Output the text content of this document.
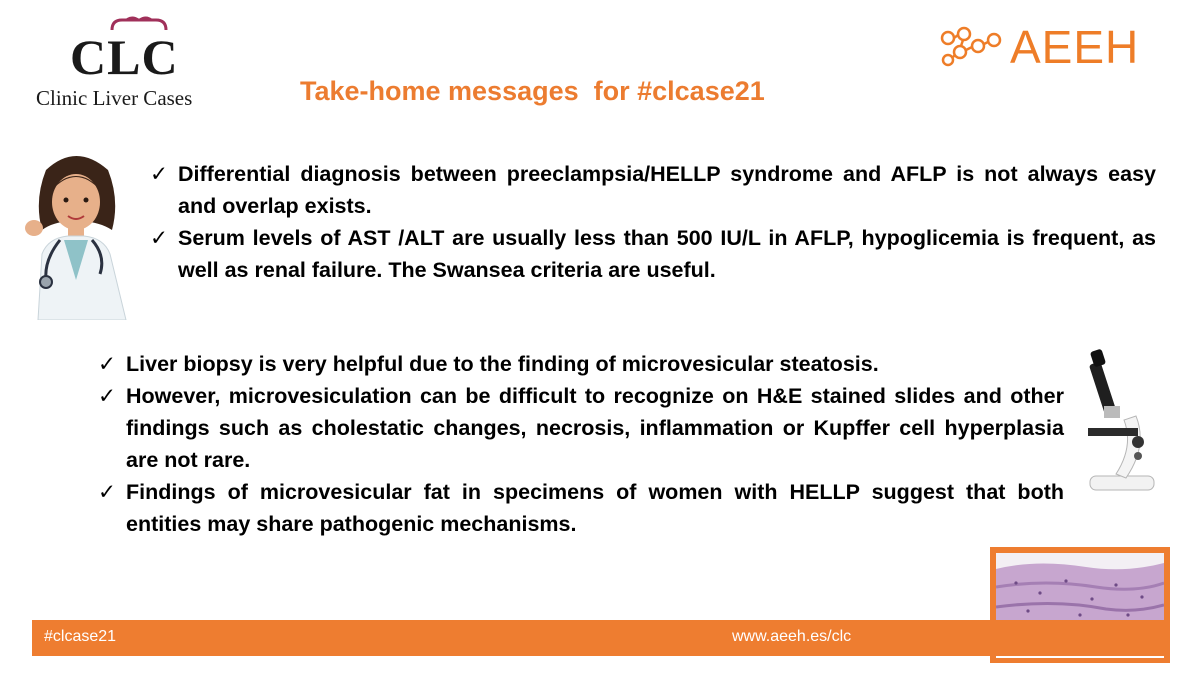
CLC
Clinic Liver Cases
AEEH
Take-home messages  for #clcase21
✓ Differential diagnosis between preeclampsia/HELLP syndrome and AFLP is not always easy and overlap exists.
✓ Serum levels of AST /ALT are usually less than 500 IU/L in AFLP, hypoglicemia is frequent, as well as renal failure. The Swansea criteria are useful.
✓ Liver biopsy is very helpful due to the finding of microvesicular steatosis.
✓ However, microvesiculation can be difficult to recognize on H&E stained slides and other findings such as cholestatic changes, necrosis, inflammation or Kupffer cell hyperplasia are not rare.
✓ Findings of microvesicular fat in specimens of women with HELLP suggest that both entities may share pathogenic mechanisms.
#clcase21	www.aeeh.es/clc
